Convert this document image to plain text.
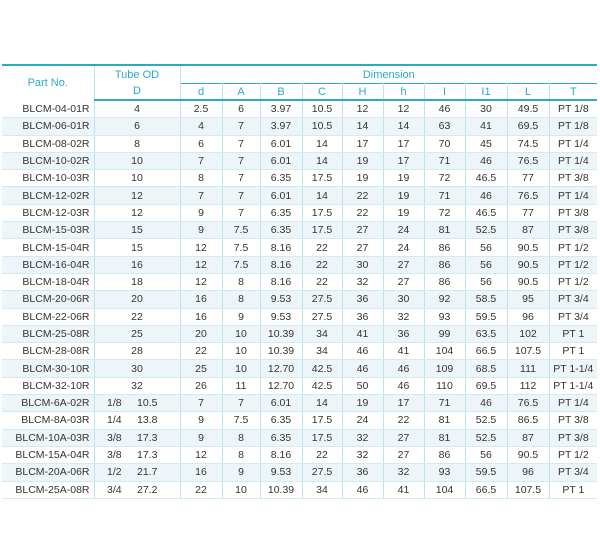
Part No.	Tube OD	Dimension									
	D	d	A	B	C	H	h	I	I1	L	T
BLCM-04-01R	4	2.5	6	3.97	10.5	12	12	46	30	49.5	PT 1/8
BLCM-06-01R	6	4	7	3.97	10.5	14	14	63	41	69.5	PT 1/8
BLCM-08-02R	8	6	7	6.01	14	17	17	70	45	74.5	PT 1/4
BLCM-10-02R	10	7	7	6.01	14	19	17	71	46	76.5	PT 1/4
BLCM-10-03R	10	8	7	6.35	17.5	19	19	72	46.5	77	PT 3/8
BLCM-12-02R	12	7	7	6.01	14	22	19	71	46	76.5	PT 1/4
BLCM-12-03R	12	9	7	6.35	17.5	22	19	72	46.5	77	PT 3/8
BLCM-15-03R	15	9	7.5	6.35	17.5	27	24	81	52.5	87	PT 3/8
BLCM-15-04R	15	12	7.5	8.16	22	27	24	86	56	90.5	PT 1/2
BLCM-16-04R	16	12	7.5	8.16	22	30	27	86	56	90.5	PT 1/2
BLCM-18-04R	18	12	8	8.16	22	32	27	86	56	90.5	PT 1/2
BLCM-20-06R	20	16	8	9.53	27.5	36	30	92	58.5	95	PT 3/4
BLCM-22-06R	22	16	9	9.53	27.5	36	32	93	59.5	96	PT 3/4
BLCM-25-08R	25	20	10	10.39	34	41	36	99	63.5	102	PT 1
BLCM-28-08R	28	22	10	10.39	34	46	41	104	66.5	107.5	PT 1
BLCM-30-10R	30	25	10	12.70	42.5	46	46	109	68.5	111	PT 1-1/4
BLCM-32-10R	32	26	11	12.70	42.5	50	46	110	69.5	112	PT 1-1/4
BLCM-6A-02R	1/8 10.5	7	7	6.01	14	19	17	71	46	76.5	PT 1/4
BLCM-8A-03R	1/4 13.8	9	7.5	6.35	17.5	24	22	81	52.5	86.5	PT 3/8
BLCM-10A-03R	3/8 17.3	9	8	6.35	17.5	32	27	81	52.5	87	PT 3/8
BLCM-15A-04R	3/8 17.3	12	8	8.16	22	32	27	86	56	90.5	PT 1/2
BLCM-20A-06R	1/2 21.7	16	9	9.53	27.5	36	32	93	59.5	96	PT 3/4
BLCM-25A-08R	3/4 27.2	22	10	10.39	34	46	41	104	66.5	107.5	PT 1
